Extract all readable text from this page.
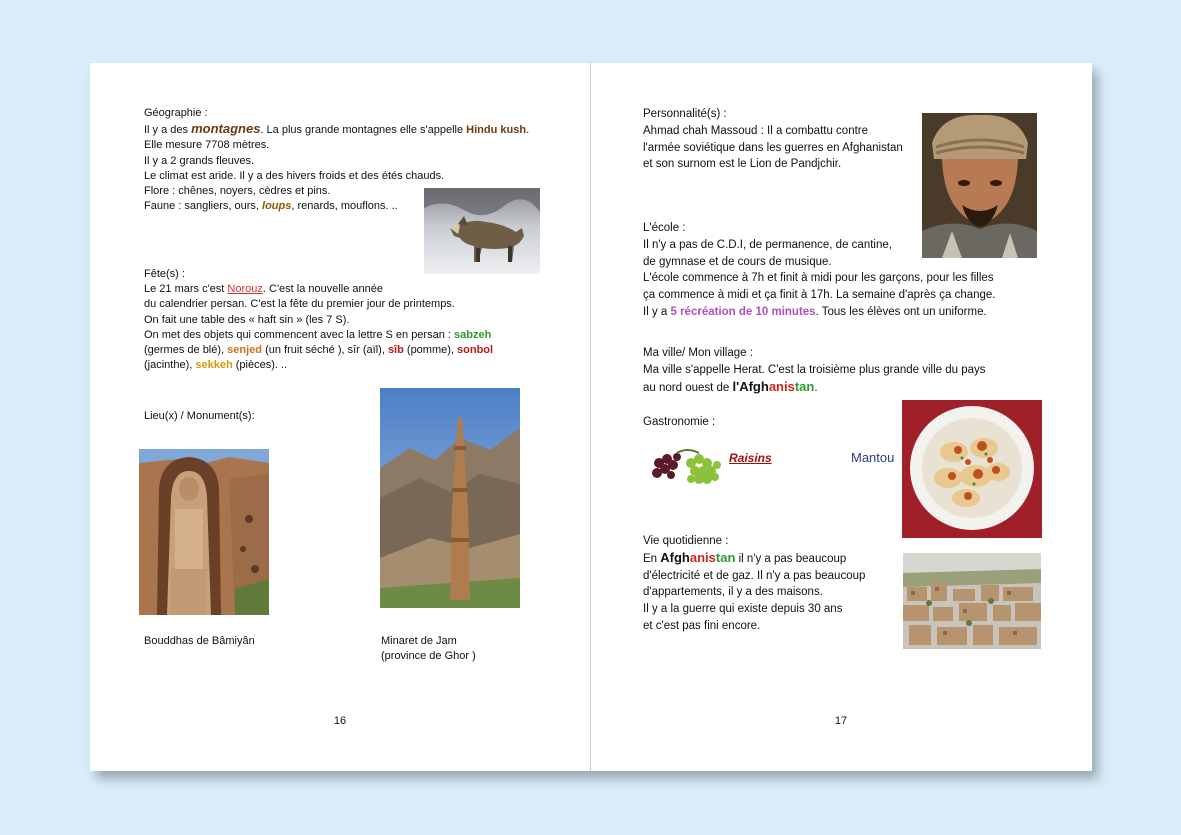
Géographie :
Il y a des montagnes. La plus grande montagnes elle s'appelle Hindu kush.
Elle mesure 7708 mètres.
Il y a 2 grands fleuves.
Le climat est aride. Il y a des hivers froids et des étés chauds.
Flore : chênes, noyers, cèdres et pins.
Faune : sangliers, ours, loups, renards, mouflons. ..
Fête(s) :
Le 21 mars c'est Norouz. C'est la nouvelle année
du calendrier persan. C'est la fête du premier jour de printemps.
On fait une table des « haft sin » (les 7 S).
On met des objets qui commencent avec la lettre S en persan : sabzeh
(germes de blé), senjed (un fruit séché ), sîr (aïl), sîb (pomme), sonbol
(jacinthe), sekkeh (pièces). ..
Lieu(x) / Monument(s):
Bouddhas de Bâmiyân	Minaret de Jam
(province de Ghor )
16
Personnalité(s) :
Ahmad chah Massoud : Il a combattu contre
l'armée soviétique dans les guerres en Afghanistan
et son surnom est le Lion de Pandjchir.
L'école :
Il n'y a pas de C.D.I, de permanence, de cantine,
de gymnase et de cours de musique.
L'école commence à 7h et finit à midi pour les garçons, pour les filles
ça commence à midi et ça finit à 17h. La semaine d'après ça change.
Il y a 5 récréation de 10 minutes. Tous les élèves ont un uniforme.
Ma ville/ Mon village :
Ma ville s'appelle Herat. C'est la troisième plus grande ville du pays
au nord ouest de l'Afghanistan.
Gastronomie :
Raisins	Mantou
Vie quotidienne :
En Afghanistan il n'y a pas beaucoup
d'électricité et de gaz. Il n'y a pas beaucoup
d'appartements, il y a des maisons.
Il y a la guerre qui existe depuis 30 ans
et c'est pas fini encore.
17
